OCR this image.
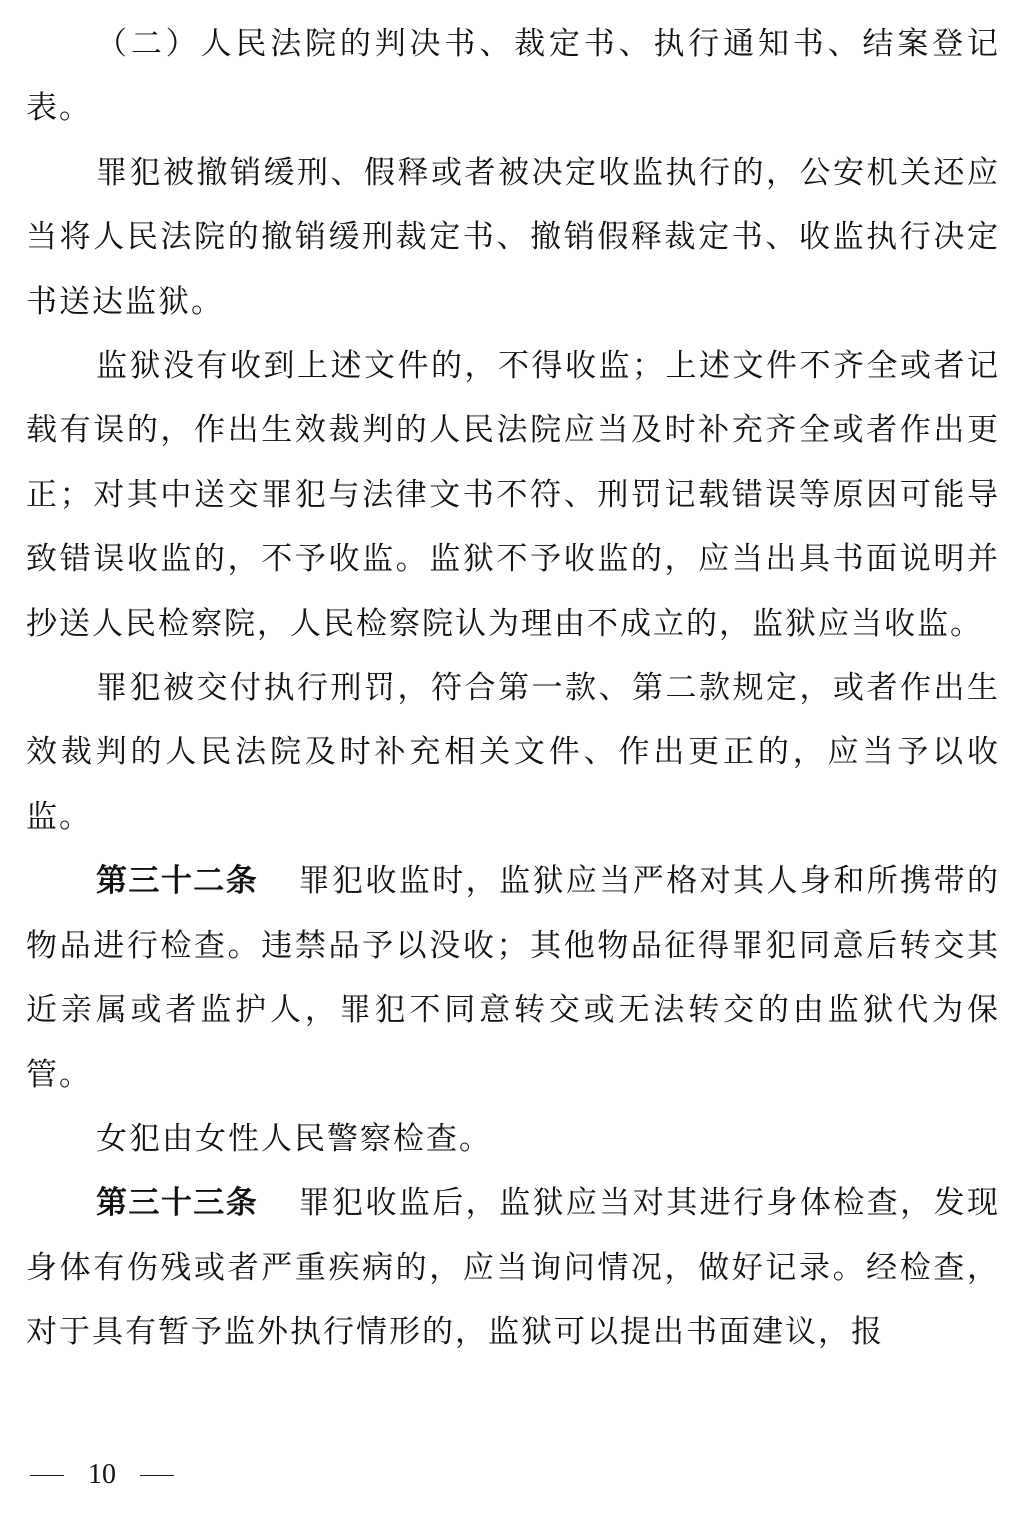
（二）人民法院的判决书、裁定书、执行通知书、结案登记表。

罪犯被撤销缓刑、假释或者被决定收监执行的，公安机关还应当将人民法院的撤销缓刑裁定书、撤销假释裁定书、收监执行决定书送达监狱。

监狱没有收到上述文件的，不得收监；上述文件不齐全或者记载有误的，作出生效裁判的人民法院应当及时补充齐全或者作出更正；对其中送交罪犯与法律文书不符、刑罚记载错误等原因可能导致错误收监的，不予收监。监狱不予收监的，应当出具书面说明并抄送人民检察院，人民检察院认为理由不成立的，监狱应当收监。

罪犯被交付执行刑罚，符合第一款、第二款规定，或者作出生效裁判的人民法院及时补充相关文件、作出更正的，应当予以收监。

第三十二条 罪犯收监时，监狱应当严格对其人身和所携带的物品进行检查。违禁品予以没收；其他物品征得罪犯同意后转交其近亲属或者监护人，罪犯不同意转交或无法转交的由监狱代为保管。

女犯由女性人民警察检查。

第三十三条 罪犯收监后，监狱应当对其进行身体检查，发现身体有伤残或者严重疾病的，应当询问情况，做好记录。经检查，对于具有暂予监外执行情形的，监狱可以提出书面建议，报

10
